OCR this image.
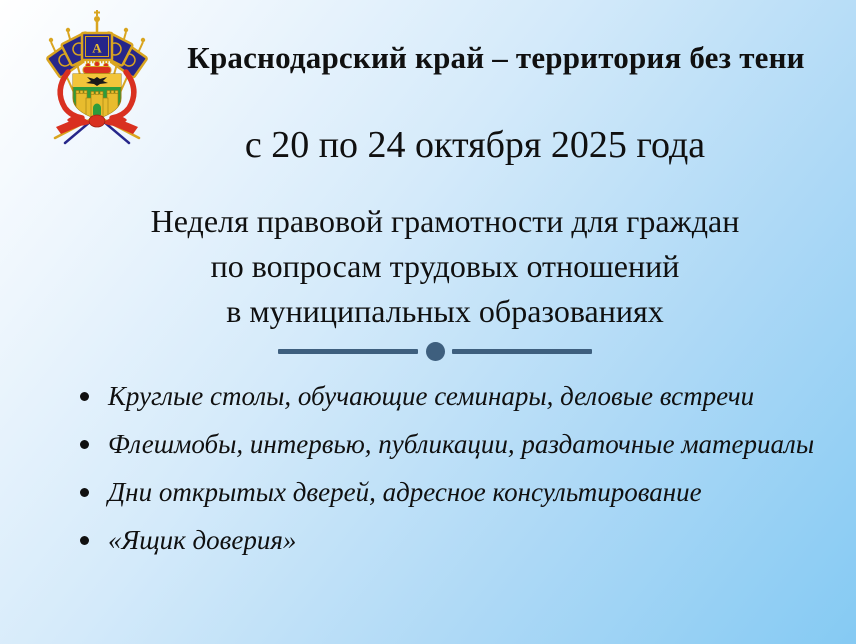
А	Краснодарский край – территория без тени
с 20 по 24 октября 2025 года
Неделя правовой грамотности для граждан
по вопросам трудовых отношений
в муниципальных образованиях
Круглые столы, обучающие семинары, деловые встречи
Флешмобы, интервью, публикации, раздаточные материалы
Дни открытых дверей, адресное консультирование
«Ящик доверия»
